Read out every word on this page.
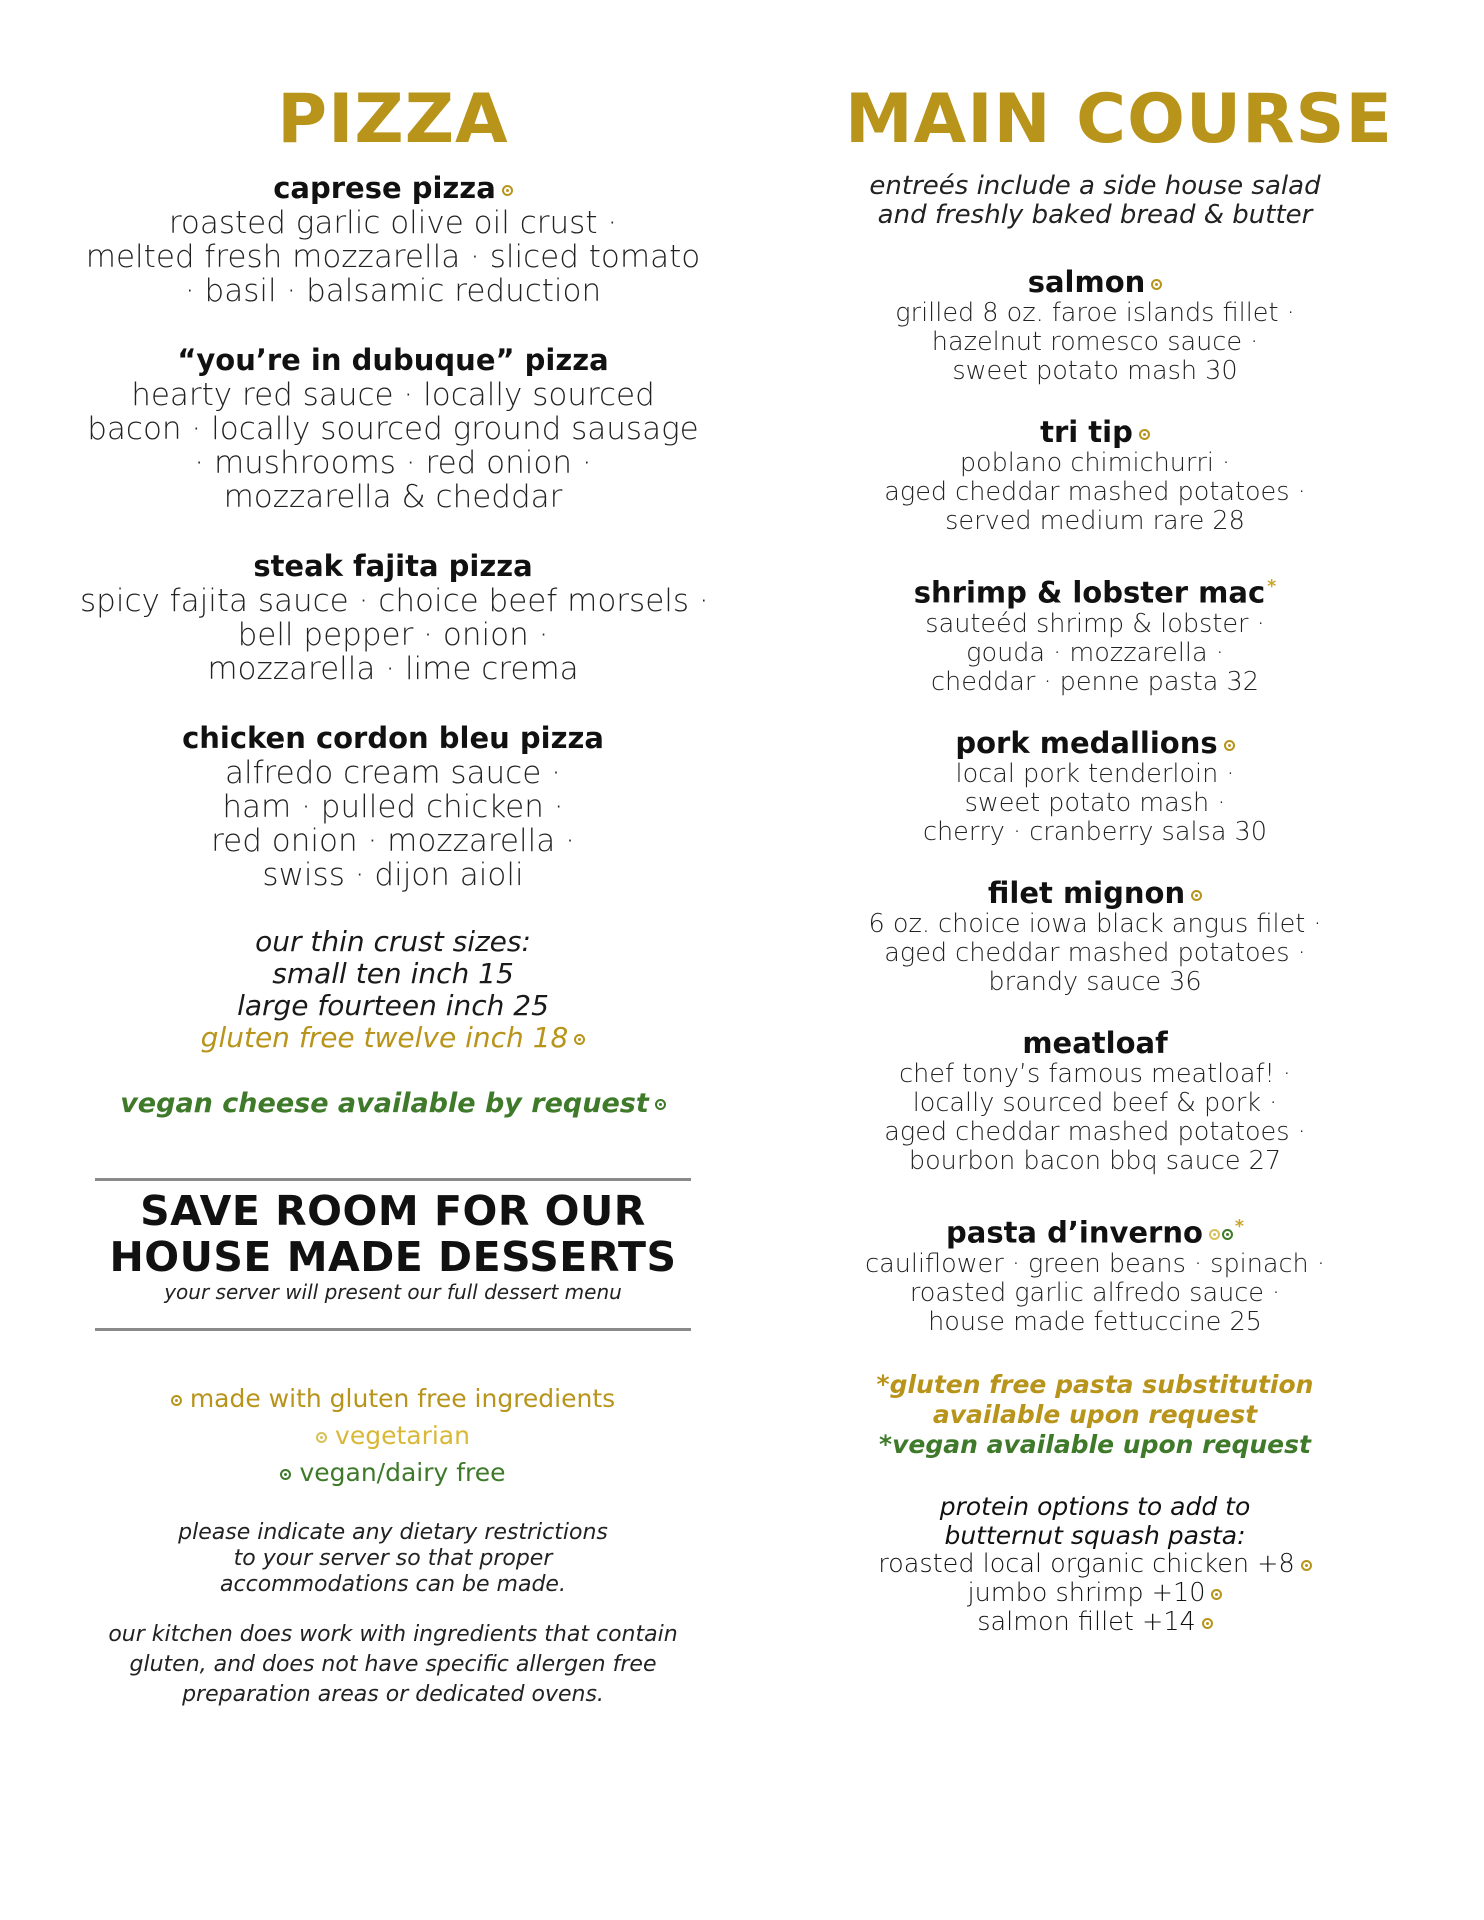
PIZZA
caprese pizza
roasted garlic olive oil crust ·
melted fresh mozzarella · sliced tomato
· basil · balsamic reduction
“you’re in dubuque” pizza
hearty red sauce · locally sourced
bacon · locally sourced ground sausage
· mushrooms · red onion ·
mozzarella & cheddar
steak fajita pizza
spicy fajita sauce · choice beef morsels ·
bell pepper · onion ·
mozzarella · lime crema
chicken cordon bleu pizza
alfredo cream sauce ·
ham · pulled chicken ·
red onion · mozzarella ·
swiss · dijon aioli
our thin crust sizes:
small ten inch 15
large fourteen inch 25
gluten free twelve inch 18
vegan cheese available by request
SAVE ROOM FOR OUR
HOUSE MADE DESSERTS
your server will present our full dessert menu
made with gluten free ingredients
vegetarian
vegan/dairy free
please indicate any dietary restrictions
to your server so that proper
accommodations can be made.
our kitchen does work with ingredients that contain
gluten, and does not have specific allergen free
preparation areas or dedicated ovens.
MAIN COURSE
entreés include a side house salad
and freshly baked bread & butter
salmon
grilled 8 oz. faroe islands fillet ·
hazelnut romesco sauce ·
sweet potato mash 30
tri tip
poblano chimichurri ·
aged cheddar mashed potatoes ·
served medium rare 28
shrimp & lobster mac *
sauteéd shrimp & lobster ·
gouda · mozzarella ·
cheddar · penne pasta 32
pork medallions
local pork tenderloin ·
sweet potato mash ·
cherry · cranberry salsa 30
filet mignon
6 oz. choice iowa black angus filet ·
aged cheddar mashed potatoes ·
brandy sauce 36
meatloaf
chef tony’s famous meatloaf! ·
locally sourced beef & pork ·
aged cheddar mashed potatoes ·
bourbon bacon bbq sauce 27
pasta d’inverno *
cauliflower · green beans · spinach ·
roasted garlic alfredo sauce ·
house made fettuccine 25
*gluten free pasta substitution
available upon request
*vegan available upon request
protein options to add to
butternut squash pasta:
roasted local organic chicken +8
jumbo shrimp +10
salmon fillet +14
